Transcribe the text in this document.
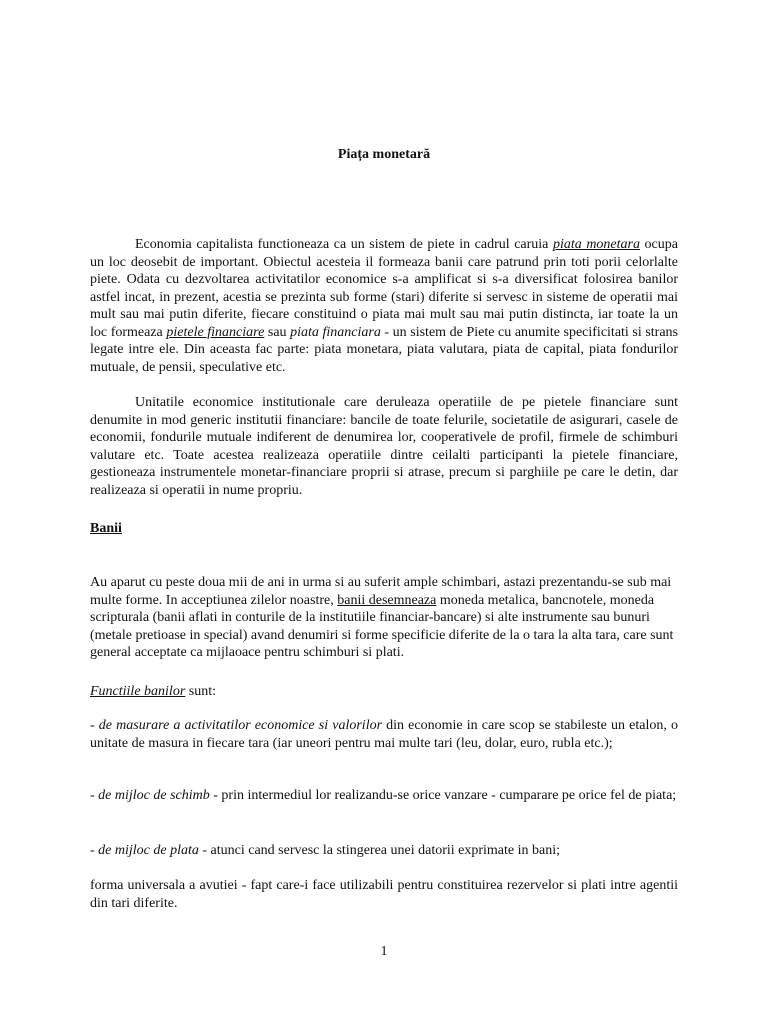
Piața monetară

Economia capitalista functioneaza ca un sistem de piete in cadrul caruia piata monetara ocupa un loc deosebit de important. Obiectul acesteia il formeaza banii care patrund prin toti porii celorlalte piete. Odata cu dezvoltarea activitatilor economice s-a amplificat si s-a diversificat folosirea banilor astfel incat, in prezent, acestia se prezinta sub forme (stari) diferite si servesc in sisteme de operatii mai mult sau mai putin diferite, fiecare constituind o piata mai mult sau mai putin distincta, iar toate la un loc formeaza pietele financiare sau piata financiara - un sistem de Piete cu anumite specificitati si strans legate intre ele. Din aceasta fac parte: piata monetara, piata valutara, piata de capital, piata fondurilor mutuale, de pensii, speculative etc.

Unitatile economice institutionale care deruleaza operatiile de pe pietele financiare sunt denumite in mod generic institutii financiare: bancile de toate felurile, societatile de asigurari, casele de economii, fondurile mutuale indiferent de denumirea lor, cooperativele de profil, firmele de schimburi valutare etc. Toate acestea realizeaza operatiile dintre ceilalti participanti la pietele financiare, gestioneaza instrumentele monetar-financiare proprii si atrase, precum si parghiile pe care le detin, dar realizeaza si operatii in nume propriu.

Banii

Au aparut cu peste doua mii de ani in urma si au suferit ample schimbari, astazi prezentandu-se sub mai multe forme. In acceptiunea zilelor noastre, banii desemneaza moneda metalica, bancnotele, moneda scripturala (banii aflati in conturile de la institutiile financiar-bancare) si alte instrumente sau bunuri (metale pretioase in special) avand denumiri si forme specificie diferite de la o tara la alta tara, care sunt general acceptate ca mijlaoace pentru schimburi si plati.

Functiile banilor sunt:

- de masurare a activitatilor economice si valorilor din economie in care scop se stabileste un etalon, o unitate de masura in fiecare tara (iar uneori pentru mai multe tari (leu, dolar, euro, rubla etc.);

- de mijloc de schimb - prin intermediul lor realizandu-se orice vanzare - cumparare pe orice fel de piata;

- de mijloc de plata - atunci cand servesc la stingerea unei datorii exprimate in bani;

forma universala a avutiei - fapt care-i face utilizabili pentru constituirea rezervelor si plati intre agentii din tari diferite.

1
